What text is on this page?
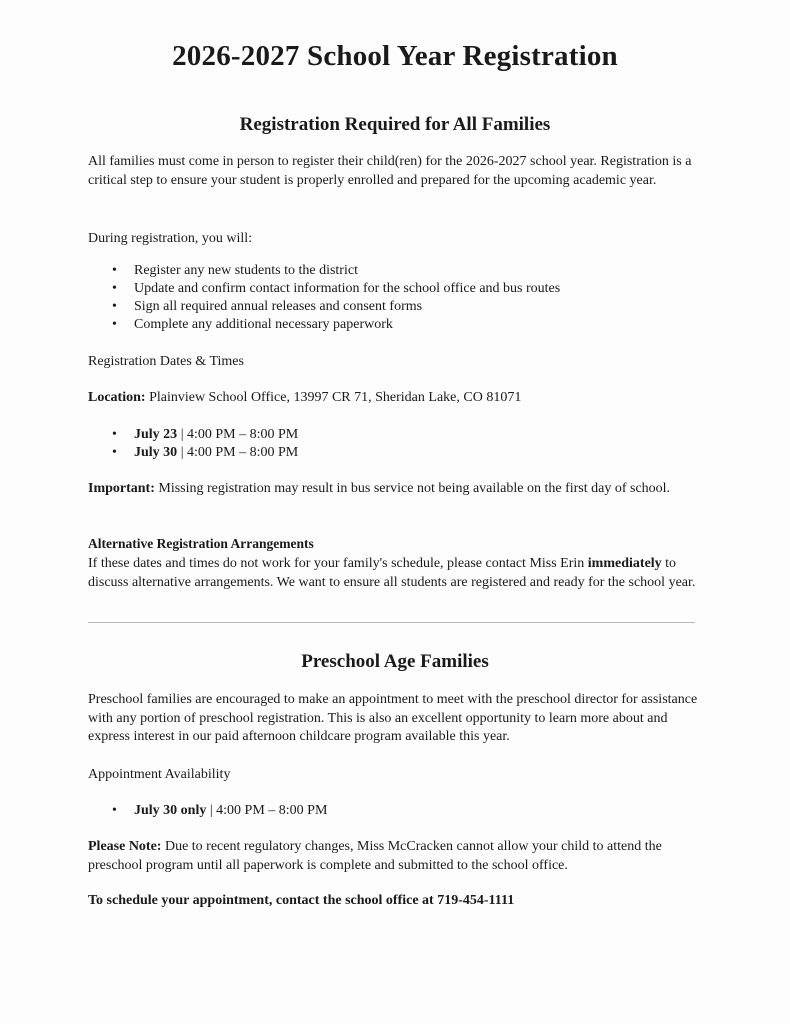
2026-2027 School Year Registration
Registration Required for All Families
All families must come in person to register their child(ren) for the 2026-2027 school year. Registration is a critical step to ensure your student is properly enrolled and prepared for the upcoming academic year.
During registration, you will:
• Register any new students to the district
• Update and confirm contact information for the school office and bus routes
• Sign all required annual releases and consent forms
• Complete any additional necessary paperwork
Registration Dates & Times
Location: Plainview School Office, 13997 CR 71, Sheridan Lake, CO 81071
• July 23 | 4:00 PM – 8:00 PM
• July 30 | 4:00 PM – 8:00 PM
Important: Missing registration may result in bus service not being available on the first day of school.
Alternative Registration Arrangements
If these dates and times do not work for your family's schedule, please contact Miss Erin immediately to discuss alternative arrangements. We want to ensure all students are registered and ready for the school year.
Preschool Age Families
Preschool families are encouraged to make an appointment to meet with the preschool director for assistance with any portion of preschool registration. This is also an excellent opportunity to learn more about and express interest in our paid afternoon childcare program available this year.
Appointment Availability
• July 30 only | 4:00 PM – 8:00 PM
Please Note: Due to recent regulatory changes, Miss McCracken cannot allow your child to attend the preschool program until all paperwork is complete and submitted to the school office.
To schedule your appointment, contact the school office at 719-454-1111
